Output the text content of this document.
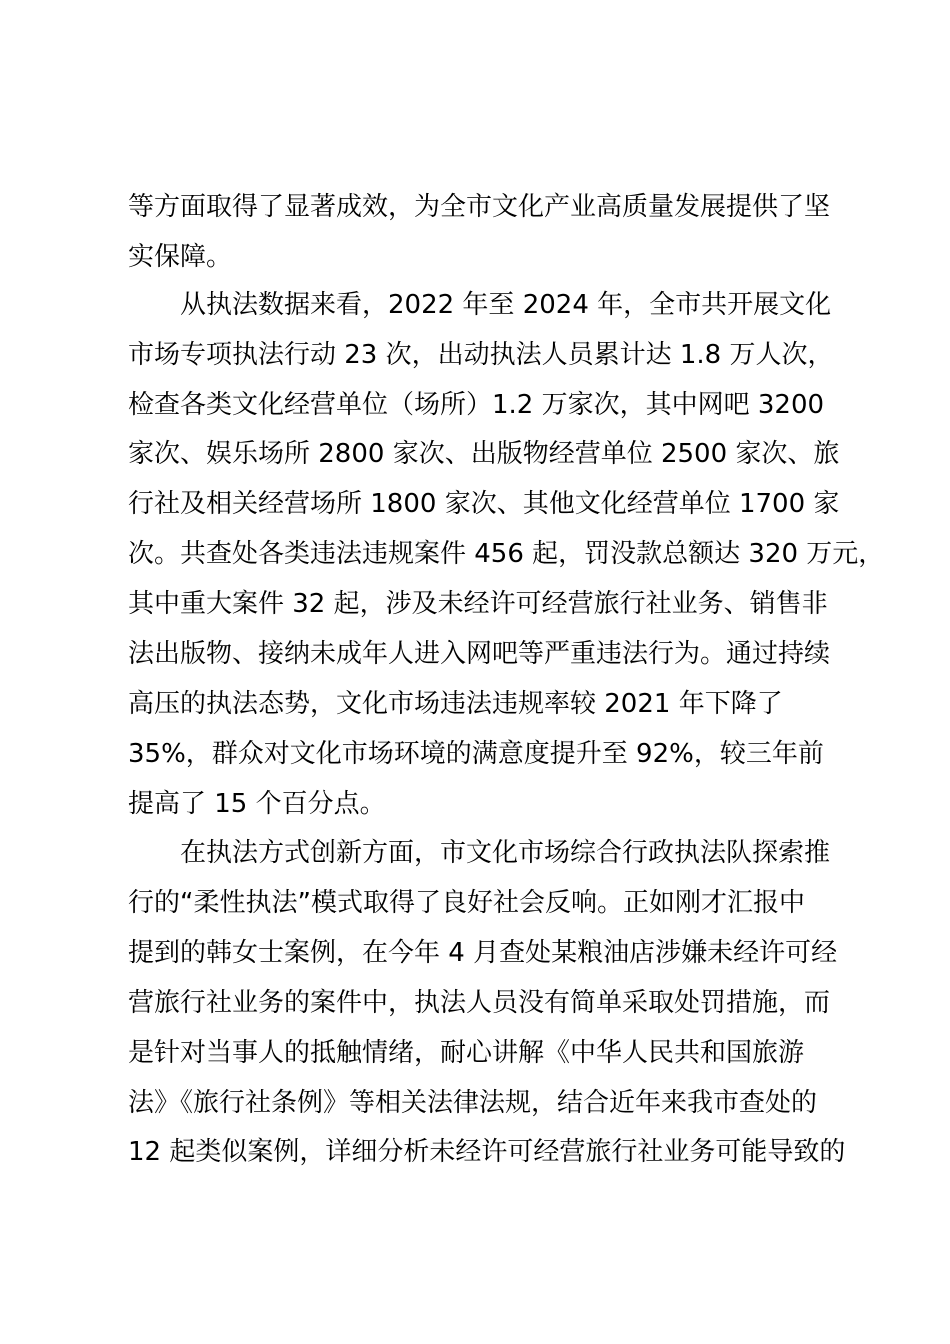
等方面取得了显著成效，为全市文化产业高质量发展提供了坚
实保障。
从执法数据来看，2022 年至 2024 年，全市共开展文化
市场专项执法行动 23 次，出动执法人员累计达 1.8 万人次，
检查各类文化经营单位（场所）1.2 万家次，其中网吧 3200
家次、娱乐场所 2800 家次、出版物经营单位 2500 家次、旅
行社及相关经营场所 1800 家次、其他文化经营单位 1700 家
次。共查处各类违法违规案件 456 起，罚没款总额达 320 万元，
其中重大案件 32 起，涉及未经许可经营旅行社业务、销售非
法出版物、接纳未成年人进入网吧等严重违法行为。通过持续
高压的执法态势，文化市场违法违规率较 2021 年下降了
35%，群众对文化市场环境的满意度提升至 92%，较三年前
提高了 15 个百分点。
在执法方式创新方面，市文化市场综合行政执法队探索推
行的“柔性执法”模式取得了良好社会反响。正如刚才汇报中
提到的韩女士案例，在今年 4 月查处某粮油店涉嫌未经许可经
营旅行社业务的案件中，执法人员没有简单采取处罚措施，而
是针对当事人的抵触情绪，耐心讲解《中华人民共和国旅游
法》《旅行社条例》等相关法律法规，结合近年来我市查处的
12 起类似案例，详细分析未经许可经营旅行社业务可能导致的
